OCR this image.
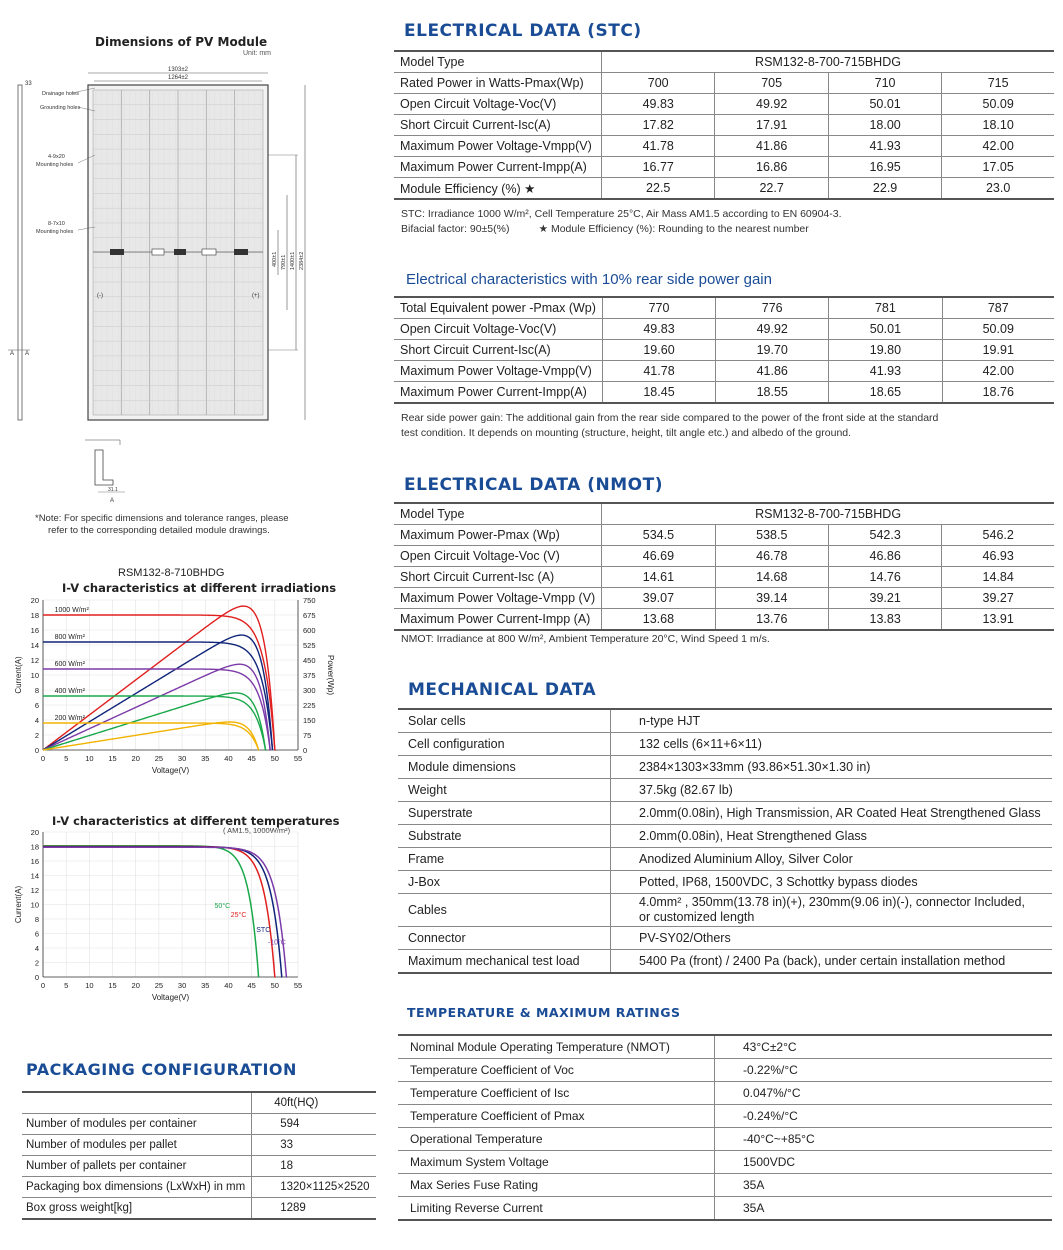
Dimensions of PV Module
Unit: mm
33
A A
1303±2
1264±2
(-)	(+)
Drainage holes
Grounding holes
4-9x20
Mounting holes
8-7x10
Mounting holes
400±1 790±1 1400±1 2384±2
31.1
A
*Note: For specific dimensions and tolerance ranges, please
refer to the corresponding detailed module drawings.
RSM132-8-710BHDG
I-V characteristics at different irradiations
0
2
4
6
8
10
12
14
16
18
20
0	5 10 15 20 25 30 35 40 45 50 55
Voltage(V)
Current(A)
0
75
150
225
300
375
450
525
600
675
750
Power(Wp)
1000 W/m²
800 W/m²
600 W/m²
400 W/m²
200 W/m²
I-V characteristics at different temperatures
( AM1.5, 1000W/m²)
0
2
4
6
8
10
12
14
16
18
20
0	5 10 15 20 25 30 35 40 45 50 55
Voltage(V)
Current(A)	50°C
25°C
STC
-10°C
PACKAGING CONFIGURATION
	40ft(HQ)
Number of modules per container	594
Number of modules per pallet	33
Number of pallets per container	18
Packaging box dimensions (LxWxH) in mm	1320×1125×2520
Box gross weight[kg]	1289
ELECTRICAL DATA (STC)
Model Type	RSM132-8-700-715BHDG			
Rated Power in Watts-Pmax(Wp)	700	705	710	715
Open Circuit Voltage-Voc(V)	49.83	49.92	50.01	50.09
Short Circuit Current-Isc(A)	17.82	17.91	18.00	18.10
Maximum Power Voltage-Vmpp(V)	41.78	41.86	41.93	42.00
Maximum Power Current-Impp(A)	16.77	16.86	16.95	17.05
Module Efficiency (%) ★	22.5	22.7	22.9	23.0
STC: Irradiance 1000 W/m², Cell Temperature 25°C, Air Mass AM1.5 according to EN 60904-3.
Bifacial factor: 90±5(%)          ★ Module Efficiency (%): Rounding to the nearest number
Electrical characteristics with 10% rear side power gain
Total Equivalent power -Pmax (Wp)	770	776	781	787
Open Circuit Voltage-Voc(V)	49.83	49.92	50.01	50.09
Short Circuit Current-Isc(A)	19.60	19.70	19.80	19.91
Maximum Power Voltage-Vmpp(V)	41.78	41.86	41.93	42.00
Maximum Power Current-Impp(A)	18.45	18.55	18.65	18.76
Rear side power gain: The additional gain from the rear side compared to the power of the front side at the standard
test condition. It depends on mounting (structure, height, tilt angle etc.) and albedo of the ground.
ELECTRICAL DATA (NMOT)
Model Type	RSM132-8-700-715BHDG			
Maximum Power-Pmax (Wp)	534.5	538.5	542.3	546.2
Open Circuit Voltage-Voc (V)	46.69	46.78	46.86	46.93
Short Circuit Current-Isc (A)	14.61	14.68	14.76	14.84
Maximum Power Voltage-Vmpp (V)	39.07	39.14	39.21	39.27
Maximum Power Current-Impp (A)	13.68	13.76	13.83	13.91
NMOT: Irradiance at 800 W/m², Ambient Temperature 20°C, Wind Speed 1 m/s.
MECHANICAL DATA
Solar cells	n-type HJT
Cell configuration	132 cells (6×11+6×11)
Module dimensions	2384×1303×33mm (93.86×51.30×1.30 in)
Weight	37.5kg (82.67 lb)
Superstrate	2.0mm(0.08in), High Transmission, AR Coated Heat Strengthened Glass
Substrate	2.0mm(0.08in), Heat Strengthened Glass
Frame	Anodized Aluminium Alloy, Silver Color
J-Box	Potted, IP68, 1500VDC, 3 Schottky bypass diodes
Cables	4.0mm² , 350mm(13.78 in)(+), 230mm(9.06 in)(-), connector Included,
or customized length

Connector	PV-SY02/Others
Maximum mechanical test load	5400 Pa (front) / 2400 Pa (back), under certain installation method
TEMPERATURE & MAXIMUM RATINGS
Nominal Module Operating Temperature (NMOT)	43°C±2°C
Temperature Coefficient of Voc	-0.22%/°C
Temperature Coefficient of Isc	0.047%/°C
Temperature Coefficient of Pmax	-0.24%/°C
Operational Temperature	-40°C~+85°C
Maximum System Voltage	1500VDC
Max Series Fuse Rating	35A
Limiting Reverse Current	35A
